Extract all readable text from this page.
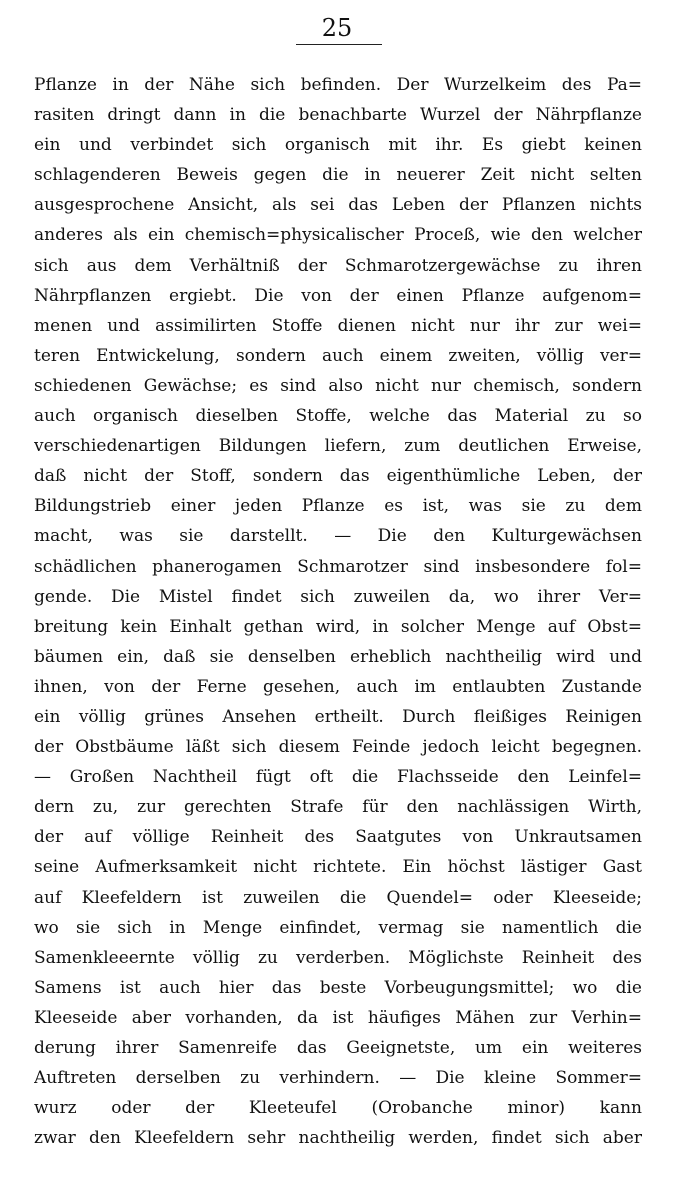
25
Pflanze in der Nähe sich befinden. Der Wurzelkeim des Pa=
rasiten dringt dann in die benachbarte Wurzel der Nährpflanze
ein und verbindet sich organisch mit ihr. Es giebt keinen
schlagenderen Beweis gegen die in neuerer Zeit nicht selten
ausgesprochene Ansicht, als sei das Leben der Pflanzen nichts
anderes als ein chemisch=physicalischer Proceß, wie den welcher
sich aus dem Verhältniß der Schmarotzergewächse zu ihren
Nährpflanzen ergiebt. Die von der einen Pflanze aufgenom=
menen und assimilirten Stoffe dienen nicht nur ihr zur wei=
teren Entwickelung, sondern auch einem zweiten, völlig ver=
schiedenen Gewächse; es sind also nicht nur chemisch, sondern
auch organisch dieselben Stoffe, welche das Material zu so
verschiedenartigen Bildungen liefern, zum deutlichen Erweise,
daß nicht der Stoff, sondern das eigenthümliche Leben, der
Bildungstrieb einer jeden Pflanze es ist, was sie zu dem
macht, was sie darstellt. — Die den Kulturgewächsen
schädlichen phanerogamen Schmarotzer sind insbesondere fol=
gende. Die Mistel findet sich zuweilen da, wo ihrer Ver=
breitung kein Einhalt gethan wird, in solcher Menge auf Obst=
bäumen ein, daß sie denselben erheblich nachtheilig wird und
ihnen, von der Ferne gesehen, auch im entlaubten Zustande
ein völlig grünes Ansehen ertheilt. Durch fleißiges Reinigen
der Obstbäume läßt sich diesem Feinde jedoch leicht begegnen.
— Großen Nachtheil fügt oft die Flachsseide den Leinfel=
dern zu, zur gerechten Strafe für den nachlässigen Wirth,
der auf völlige Reinheit des Saatgutes von Unkrautsamen
seine Aufmerksamkeit nicht richtete. Ein höchst lästiger Gast
auf Kleefeldern ist zuweilen die Quendel= oder Kleeseide;
wo sie sich in Menge einfindet, vermag sie namentlich die
Samenkleeernte völlig zu verderben. Möglichste Reinheit des
Samens ist auch hier das beste Vorbeugungsmittel; wo die
Kleeseide aber vorhanden, da ist häufiges Mähen zur Verhin=
derung ihrer Samenreife das Geeignetste, um ein weiteres
Auftreten derselben zu verhindern. — Die kleine Sommer=
wurz oder der Kleeteufel (Orobanche minor) kann
zwar den Kleefeldern sehr nachtheilig werden, findet sich aber
